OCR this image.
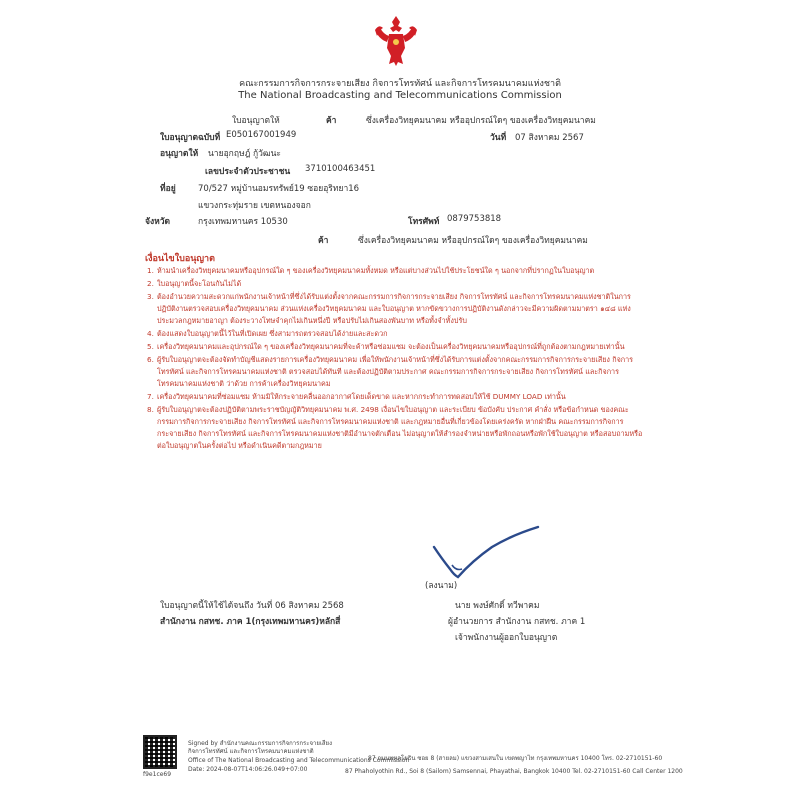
คณะกรรมการกิจการกระจายเสียง กิจการโทรทัศน์ และกิจการโทรคมนาคมแห่งชาติ
The National Broadcasting and Telecommunications Commission
ใบอนุญาตให้	ค้า	ซึ่งเครื่องวิทยุคมนาคม หรืออุปกรณ์ใดๆ ของเครื่องวิทยุคมนาคม
ใบอนุญาตฉบับที่ E050167001949	วันที่ 07 สิงหาคม 2567
อนุญาตให้ นายอุกฤษฎ์ กู้วัฒนะ
เลขประจำตัวประชาชน 3710100463451
ที่อยู่	70/527 หมู่บ้านอมรทรัพย์19 ซอยอุริทยา16
แขวงกระทุ่มราย เขตหนองจอก
จังหวัด	กรุงเทพมหานคร 10530	โทรศัพท์ 0879753818
ค้า	ซึ่งเครื่องวิทยุคมนาคม หรืออุปกรณ์ใดๆ ของเครื่องวิทยุคมนาคม
เงื่อนไขใบอนุญาต
1. ห้ามนำเครื่องวิทยุคมนาคมหรืออุปกรณ์ใด ๆ ของเครื่องวิทยุคมนาคมทั้งหมด หรือแต่บางส่วนไปใช้ประโยชน์ใด ๆ นอกจากที่ปรากฏในใบอนุญาต
2. ใบอนุญาตนี้จะโอนกันไม่ได้
3. ต้องอำนวยความสะดวกแก่พนักงานเจ้าหน้าที่ซึ่งได้รับแต่งตั้งจากคณะกรรมการกิจการกระจายเสียง กิจการโทรทัศน์ และกิจการโทรคมนาคมแห่งชาติในการปฏิบัติงานตรวจสอบเครื่องวิทยุคมนาคม ส่วนแห่งเครื่องวิทยุคมนาคม และใบอนุญาต หากขัดขวางการปฏิบัติงานดังกล่าวจะมีความผิดตามมาตรา ๑๔๘ แห่งประมวลกฎหมายอาญา ต้องระวางโทษจำคุกไม่เกินหนึ่งปี หรือปรับไม่เกินสองพันบาท หรือทั้งจำทั้งปรับ
4. ต้องแสดงใบอนุญาตนี้ไว้ในที่เปิดเผย ซึ่งสามารถตรวจสอบได้ง่ายและสะดวก
5. เครื่องวิทยุคมนาคมและอุปกรณ์ใด ๆ ของเครื่องวิทยุคมนาคมที่จะค้าหรือซ่อมแซม จะต้องเป็นเครื่องวิทยุคมนาคมหรืออุปกรณ์ที่ถูกต้องตามกฎหมายเท่านั้น
6. ผู้รับใบอนุญาตจะต้องจัดทำบัญชีแสดงรายการเครื่องวิทยุคมนาคม เพื่อให้พนักงานเจ้าหน้าที่ซึ่งได้รับการแต่งตั้งจากคณะกรรมการกิจการกระจายเสียง กิจการโทรทัศน์ และกิจการโทรคมนาคมแห่งชาติ ตรวจสอบได้ทันที และต้องปฏิบัติตามประกาศ คณะกรรมการกิจการกระจายเสียง กิจการโทรทัศน์ และกิจการโทรคมนาคมแห่งชาติ ว่าด้วย การค้าเครื่องวิทยุคมนาคม
7. เครื่องวิทยุคมนาคมที่ซ่อมแซม ห้ามมิให้กระจายคลื่นออกอากาศโดยเด็ดขาด และหากกระทำการทดสอบให้ใช้ DUMMY LOAD เท่านั้น
8. ผู้รับใบอนุญาตจะต้องปฏิบัติตามพระราชบัญญัติวิทยุคมนาคม พ.ศ. 2498 เงื่อนไขใบอนุญาต และระเบียบ ข้อบังคับ ประกาศ คำสั่ง หรือข้อกำหนด ของคณะกรรมการกิจการกระจายเสียง กิจการโทรทัศน์ และกิจการโทรคมนาคมแห่งชาติ และกฎหมายอื่นที่เกี่ยวข้องโดยเคร่งครัด หากฝ่าฝืน คณะกรรมการกิจการกระจายเสียง กิจการโทรทัศน์ และกิจการโทรคมนาคมแห่งชาติมีอำนาจตักเตือน ไม่อนุญาตให้สำรองจำหน่ายหรือพักถอนหรือพักใช้ใบอนุญาต หรือสอบถามหรือต่อใบอนุญาตในครั้งต่อไป หรือดำเนินคดีตามกฎหมาย
(ลงนาม)
ใบอนุญาตนี้ให้ใช้ได้จนถึง วันที่ 06 สิงหาคม 2568
สำนักงาน กสทช. ภาค 1(กรุงเทพมหานคร)หลักสี่
นาย พงษ์ศักดิ์ ทวีพาคม
ผู้อำนวยการ สำนักงาน กสทช. ภาค 1
เจ้าพนักงานผู้ออกใบอนุญาต
f9e1ce69
Signed by สำนักงานคณะกรรมการกิจการกระจายเสียง กิจการโทรทัศน์ และกิจการโทรคมนาคมแห่งชาติ
Office of The National Broadcasting and Telecommunications Commission
Date: 2024-08-07T14:06:26.049+07:00
87 ถนนพหลโยธิน ซอย 8 (สายลม) แขวงสามเสนใน เขตพญาไท กรุงเทพมหานคร 10400 โทร. 02-2710151-60
87 Phaholyothin Rd., Soi 8 (Sailom) Samsennai, Phayathai, Bangkok 10400 Tel. 02-2710151-60 Call Center 1200
